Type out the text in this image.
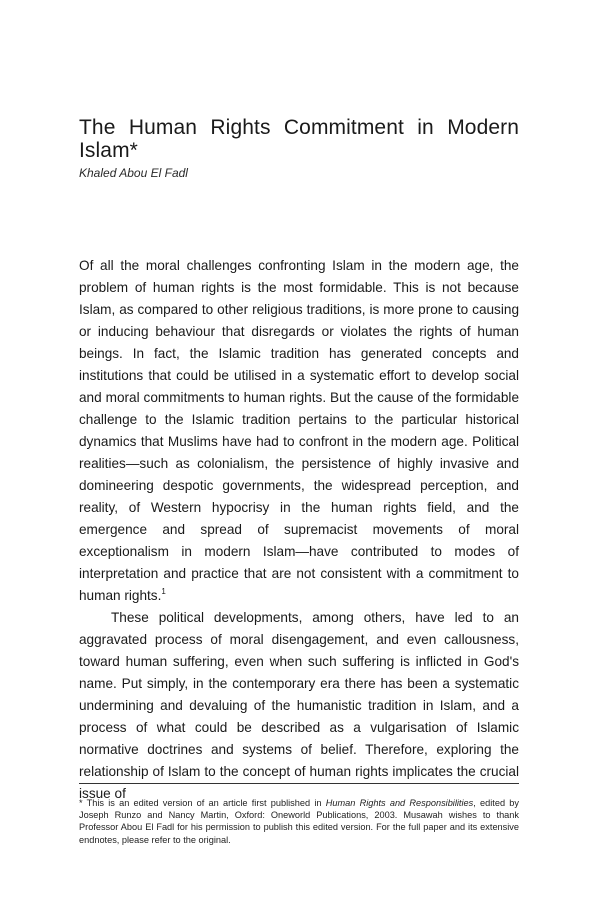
The Human Rights Commitment in Modern Islam*

Khaled Abou El Fadl

Of all the moral challenges confronting Islam in the modern age, the problem of human rights is the most formidable. This is not because Islam, as compared to other religious traditions, is more prone to causing or inducing behaviour that disregards or violates the rights of human beings. In fact, the Islamic tradition has generated concepts and institutions that could be utilised in a systematic effort to develop social and moral commitments to human rights. But the cause of the formidable challenge to the Islamic tradition pertains to the particular historical dynamics that Muslims have had to confront in the modern age. Political realities—such as colonialism, the persistence of highly invasive and domineering despotic governments, the widespread perception, and reality, of Western hypocrisy in the human rights field, and the emergence and spread of supremacist movements of moral exceptionalism in modern Islam—have contributed to modes of interpretation and practice that are not consistent with a commitment to human rights.$^1$

These political developments, among others, have led to an aggravated process of moral disengagement, and even callousness, toward human suffering, even when such suffering is inflicted in God's name. Put simply, in the contemporary era there has been a systematic undermining and devaluing of the humanistic tradition in Islam, and a process of what could be described as a vulgarisation of Islamic normative doctrines and systems of belief. Therefore, exploring the relationship of Islam to the concept of human rights implicates the crucial issue of

* This is an edited version of an article first published in Human Rights and Responsibilities, edited by Joseph Runzo and Nancy Martin, Oxford: Oneworld Publications, 2003. Musawah wishes to thank Professor Abou El Fadl for his permission to publish this edited version. For the full paper and its extensive endnotes, please refer to the original.
